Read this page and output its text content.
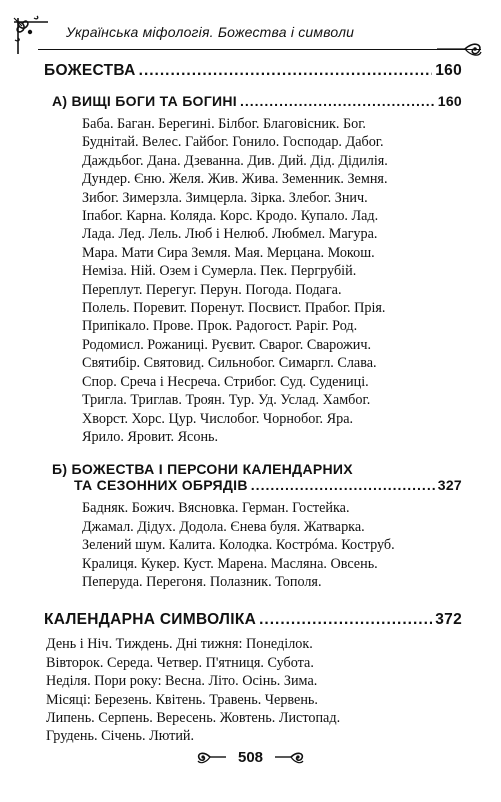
Українська міфологія. Божества і символи
БОЖЕСТВА .....	160
А) ВИЩІ БОГИ ТА БОГИНІ .....	160
Баба. Баган. Берегині. Білбог. Благовісник. Бог.
Буднітай. Велес. Гайбог. Гонило. Господар. Дабог.
Даждьбог. Дана. Дзеванна. Див. Дий. Дід. Дідилія.
Дундер. Єню. Желя. Жив. Жива. Земенник. Земня.
Зибог. Зимерзла. Зимцерла. Зірка. Злебог. Знич.
Іпабог. Карна. Коляда. Корс. Кродо. Купало. Лад.
Лада. Лед. Лель. Люб і Нелюб. Любмел. Магура.
Мара. Мати Сира Земля. Мая. Мерцана. Мокош.
Неміза. Ній. Озем і Сумерла. Пек. Пергрубій.
Переплут. Перегуг. Перун. Погода. Подага.
Полель. Поревит. Поренут. Посвист. Прабог. Прія.
Припікало. Прове. Прок. Радогост. Раріг. Род.
Родомисл. Рожаниці. Руєвит. Сварог. Сварожич.
Святибір. Святовид. Сильнобог. Симаргл. Слава.
Спор. Среча і Несреча. Стрибог. Суд. Судениці.
Тригла. Триглав. Троян. Тур. Уд. Услад. Хамбог.
Хворст. Хорс. Цур. Числобог. Чорнобог. Яра.
Ярило. Яровит. Ясонь.
Б) БОЖЕСТВА І ПЕРСОНИ КАЛЕНДАРНИХ
ТА СЕЗОННИХ ОБРЯДІВ .....	327
Бадняк. Божич. Вясновка. Герман. Гостейка.
Джамал. Дідух. Додола. Єнева буля. Жатварка.
Зелений шум. Калита. Колодка. Кострóма. Коструб.
Кралиця. Кукер. Куст. Марена. Масляна. Овсень.
Пеперуда. Перегоня. Полазник. Тополя.
КАЛЕНДАРНА СИМВОЛІКА .....	372
День і Ніч. Тиждень. Дні тижня: Понеділок.
Вівторок. Середа. Четвер. П'ятниця. Субота.
Неділя. Пори року: Весна. Літо. Осінь. Зима.
Місяці: Березень. Квітень. Травень. Червень.
Липень. Серпень. Вересень. Жовтень. Листопад.
Грудень. Січень. Лютий.
508
